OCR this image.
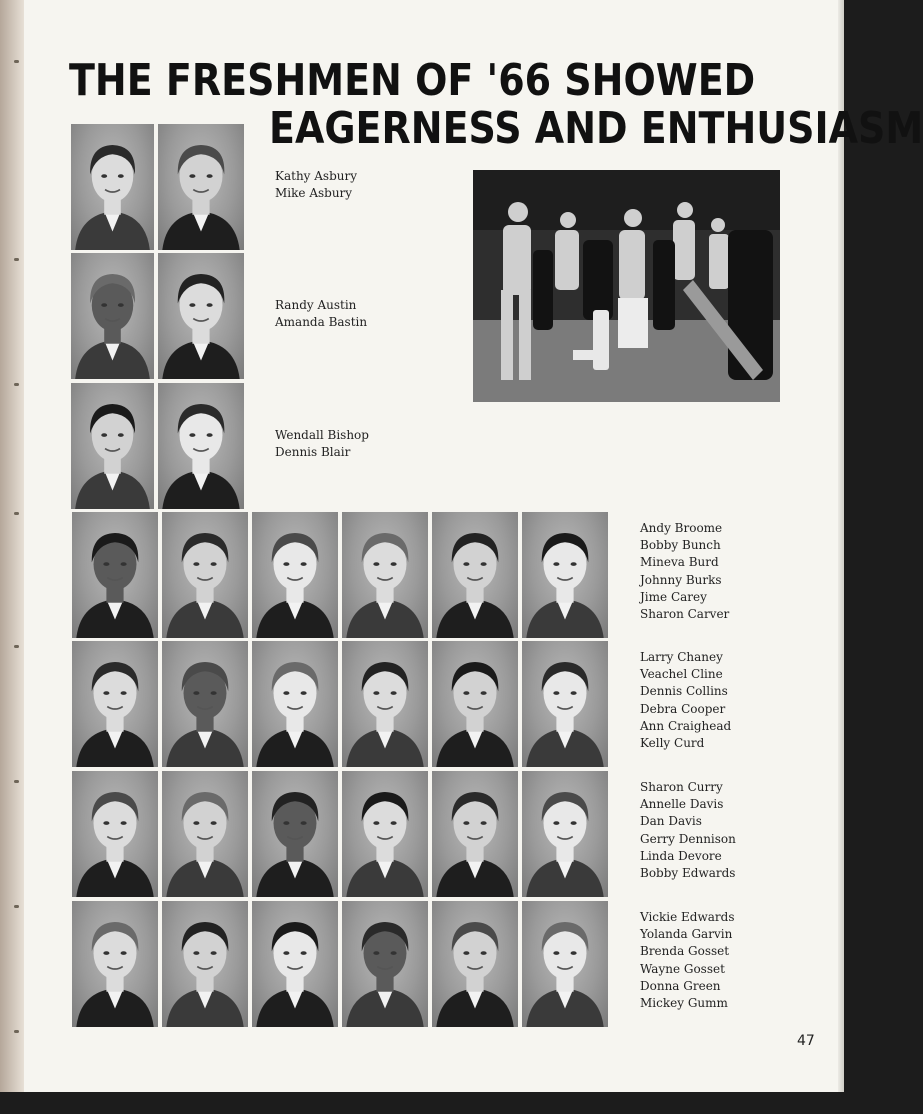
THE FRESHMEN OF '66 SHOWED
EAGERNESS AND ENTHUSIASM
47
Kathy Asbury
Mike Asbury
Randy Austin
Amanda Bastin
Wendall Bishop
Dennis Blair
Andy Broome
Bobby Bunch
Mineva Burd
Johnny Burks
Jime Carey
Sharon Carver
Larry Chaney
Veachel Cline
Dennis Collins
Debra Cooper
Ann Craighead
Kelly Curd
Sharon Curry
Annelle Davis
Dan Davis
Gerry Dennison
Linda Devore
Bobby Edwards
Vickie Edwards
Yolanda Garvin
Brenda Gosset
Wayne Gosset
Donna Green
Mickey Gumm
